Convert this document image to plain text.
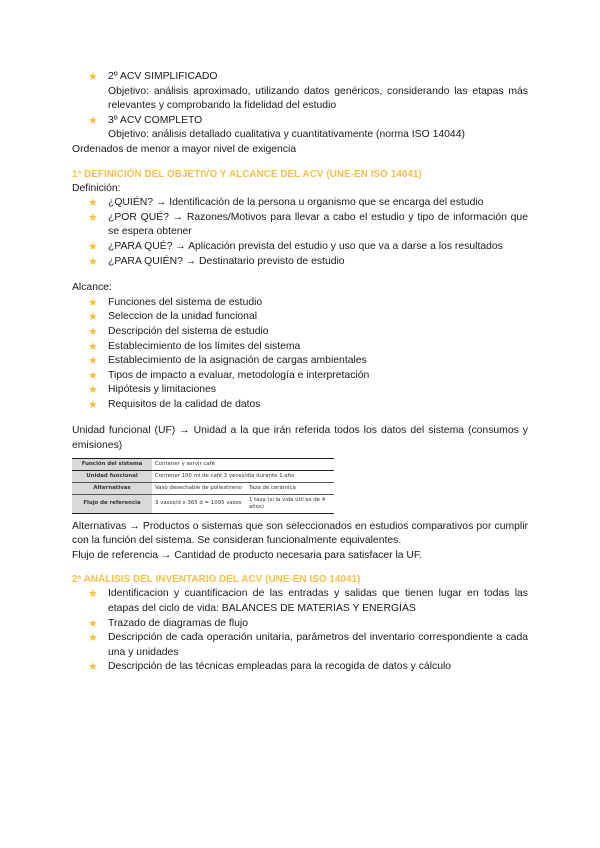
★ 2º ACV SIMPLIFICADO
Objetivo: análisis aproximado, utilizando datos genéricos, considerando las etapas más relevantes y comprobando la fidelidad del estudio
★ 3º ACV COMPLETO
Objetivo: análisis detallado cualitativa y cuantitativamente (norma ISO 14044)
Ordenados de menor a mayor nivel de exigencia
1ª DEFINICIÓN DEL OBJETIVO Y ALCANCE DEL ACV (UNE-EN ISO 14041)
Definición:
★ ¿QUIÉN? → Identificación de la persona u organismo que se encarga del estudio
★ ¿POR QUÉ? → Razones/Motivos para llevar a cabo el estudio y tipo de información que se espera obtener
★ ¿PARA QUÉ? → Aplicación prevista del estudio y uso que va a darse a los resultados
★ ¿PARA QUIÉN? → Destinatario previsto de estudio
Alcance:
★ Funciones del sistema de estudio
★ Seleccion de la unidad funcional
★ Descripción del sistema de estudio
★ Establecimiento de los límites del sistema
★ Establecimiento de la asignación de cargas ambientales
★ Tipos de impacto a evaluar, metodología e interpretación
★ Hipótesis y limitaciones
★ Requisitos de la calidad de datos
Unidad funcional (UF) → Unidad a la que irán referida todos los datos del sistema (consumos y emisiones)
Función del sistema	Contener y servir café	
Unidad funcional	Contener 100 ml de café 3 veces/día durante 1 año	
Alternativas	Vaso desechable de poliestireno	Taza de cerámica
Flujo de referencia	3 vasos/d x 365 d = 1095 vasos	1 taza (si la vida útil es de 4 años)
Alternativas → Productos o sistemas que son seleccionados en estudios comparativos por cumplir con la función del sistema. Se consideran funcionalmente equivalentes.
Flujo de referencia → Cantidad de producto necesaria para satisfacer la UF.
2ª ANÁLISIS DEL INVENTARIO DEL ACV (UNE-EN ISO 14041)
★ Identificacion y cuantificacion de las entradas y salidas que tienen lugar en todas las etapas del ciclo de vida: BALANCES DE MATERIAS Y ENERGÍAS
★ Trazado de diagramas de flujo
★ Descripción de cada operación unitaria, parámetros del inventario correspondiente a cada una y unidades
★ Descripción de las técnicas empleadas para la recogida de datos y cálculo
